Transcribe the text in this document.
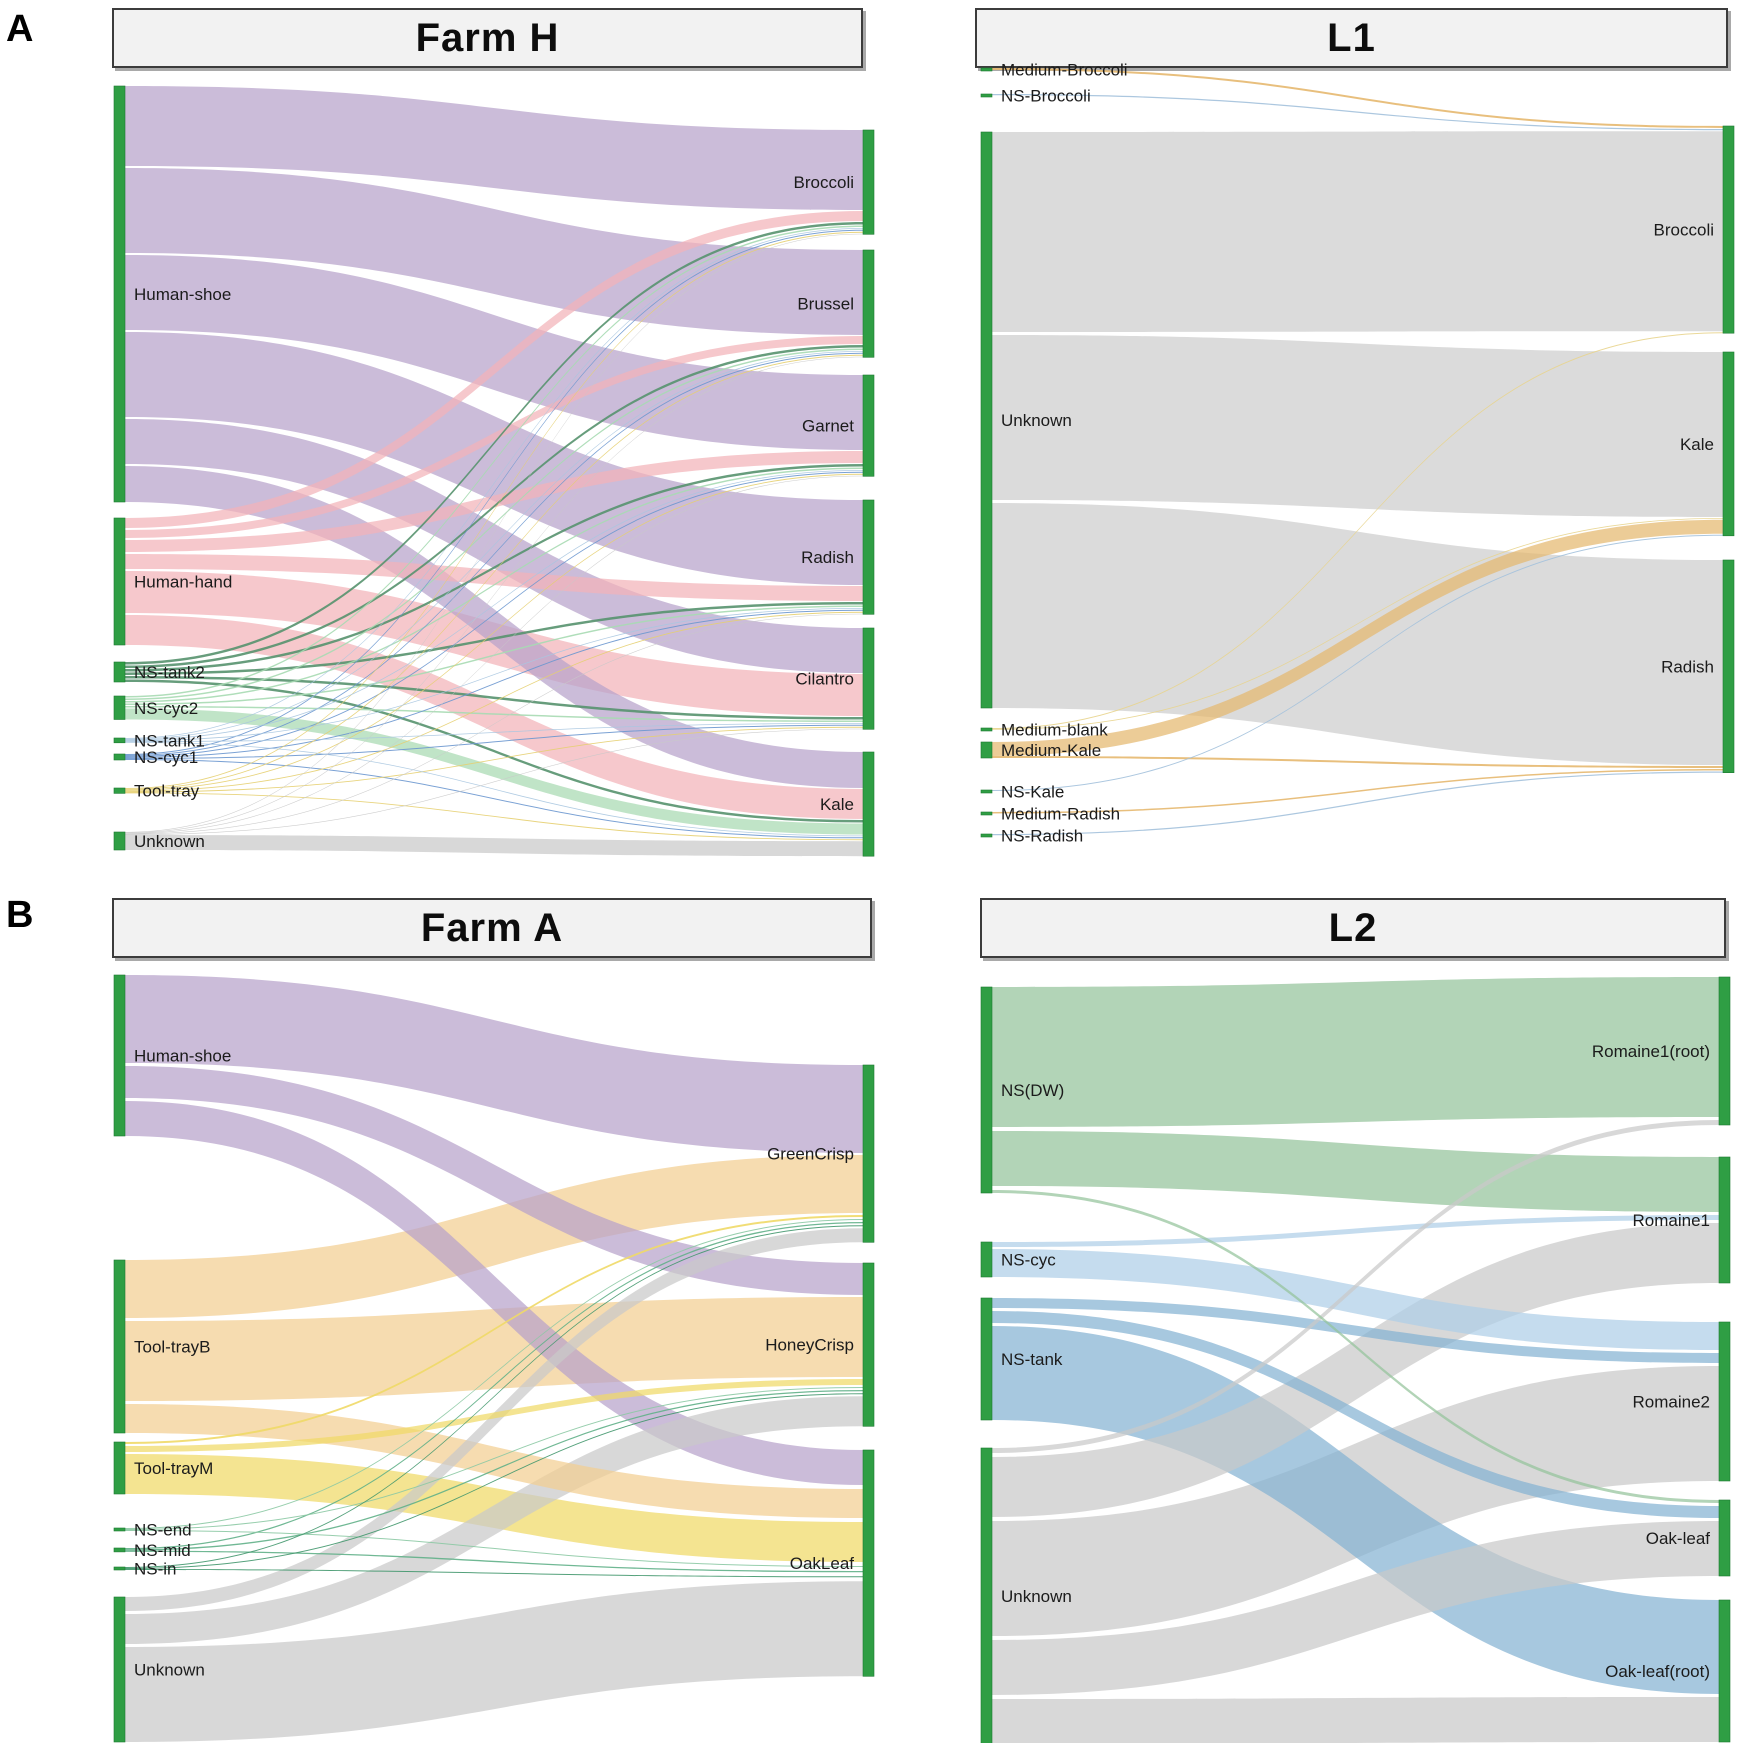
A
B
Farm H	L1
Farm A	L2
Human-shoe
Human-hand
NS-tank2
NS-cyc2
NS-tank1
NS-cyc1
Tool-tray
Unknown
Broccoli
Brussel
Garnet
Radish
Cilantro
Kale
Medium-Broccoli
NS-Broccoli
Unknown
Medium-blank
Medium-Kale
NS-Kale
Medium-Radish
NS-Radish
Broccoli
Kale
Radish
Human-shoe
Tool-trayB
Tool-trayM
NS-end
NS-mid
NS-in
Unknown
GreenCrisp
HoneyCrisp
OakLeaf
NS(DW)
NS-cyc
NS-tank
Unknown
Romaine1(root)
Romaine1
Romaine2
Oak-leaf
Oak-leaf(root)
